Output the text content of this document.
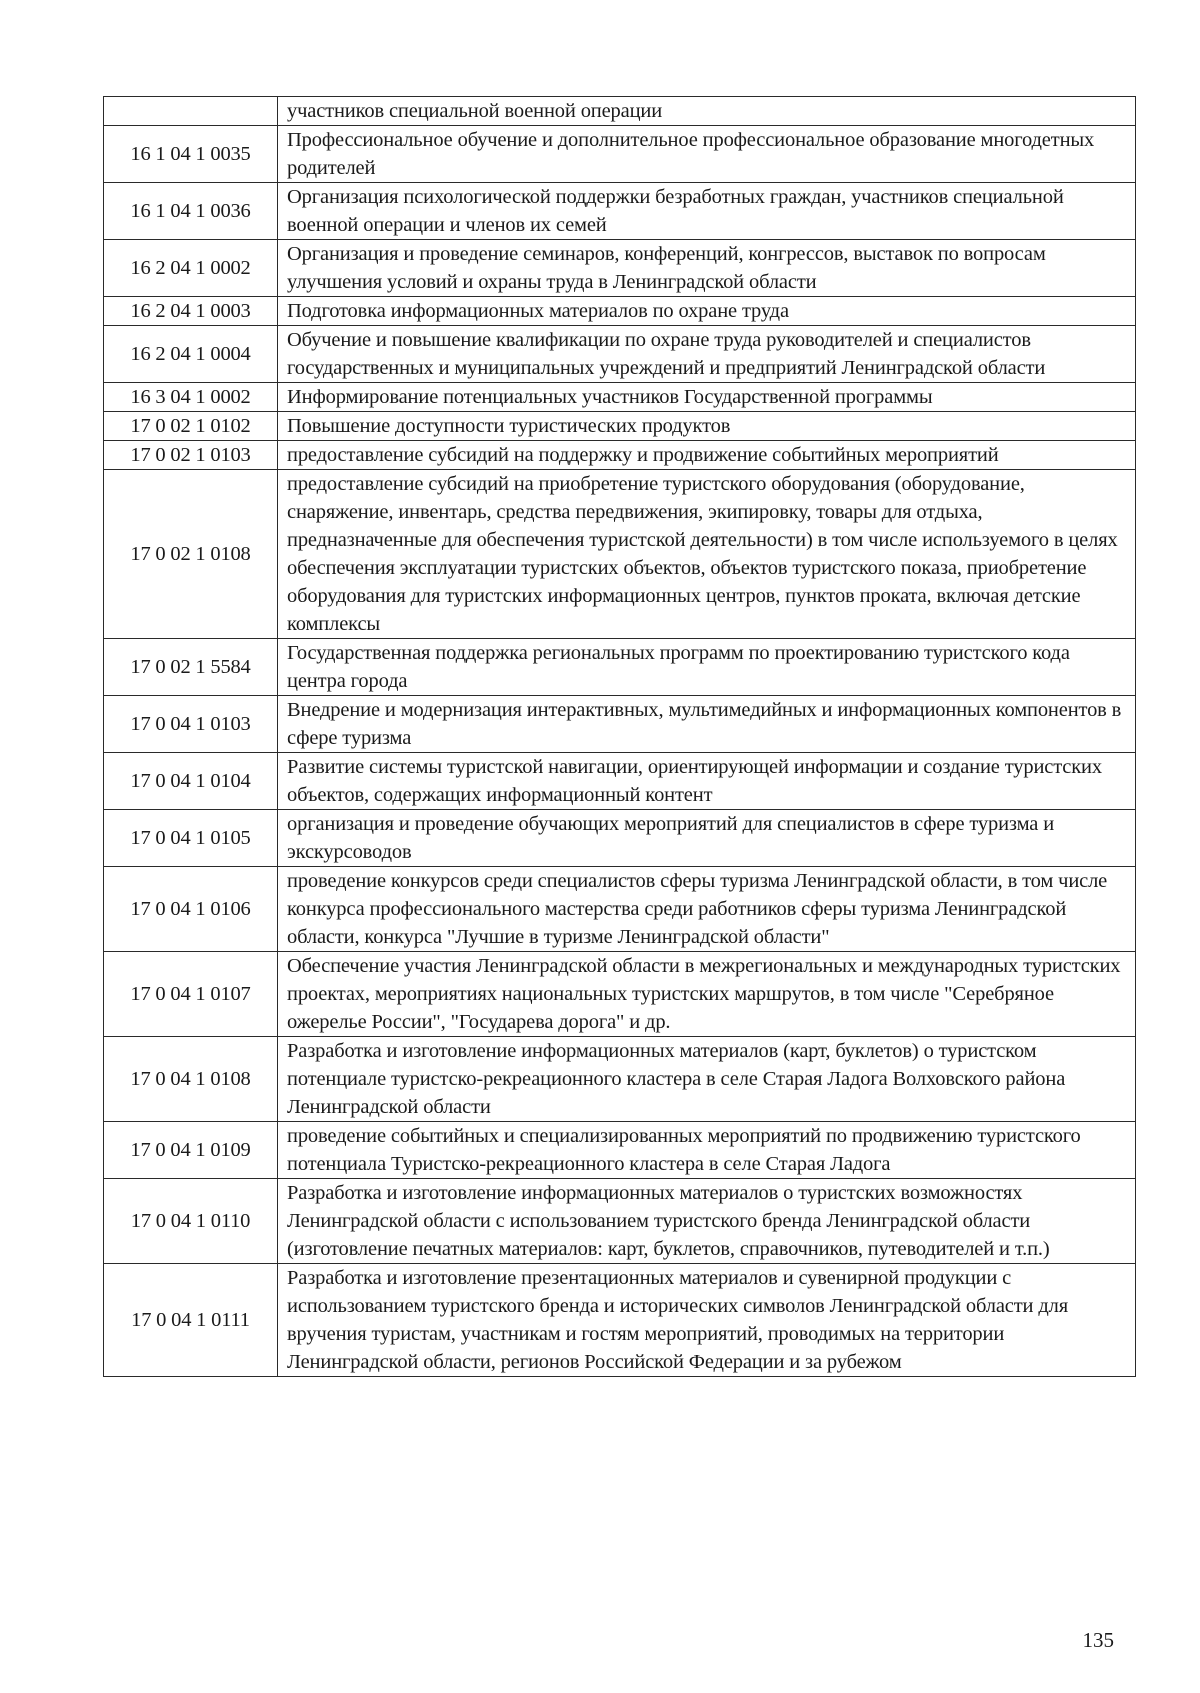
	участников специальной военной операции
16 1 04 1 0035	Профессиональное обучение и дополнительное профессиональное образование многодетных родителей
16 1 04 1 0036	Организация психологической поддержки безработных граждан, участников специальной военной операции и членов их семей
16 2 04 1 0002	Организация и проведение семинаров, конференций, конгрессов, выставок по вопросам улучшения условий и охраны труда в Ленинградской области
16 2 04 1 0003	Подготовка информационных материалов по охране труда
16 2 04 1 0004	Обучение и повышение квалификации по охране труда руководителей и специалистов государственных и муниципальных учреждений и предприятий Ленинградской области
16 3 04 1 0002	Информирование потенциальных участников Государственной программы
17 0 02 1 0102	Повышение доступности туристических продуктов
17 0 02 1 0103	предоставление субсидий на поддержку и продвижение событийных мероприятий
17 0 02 1 0108	предоставление субсидий на приобретение туристского оборудования (оборудование, снаряжение, инвентарь, средства передвижения, экипировку, товары для отдыха, предназначенные для обеспечения туристской деятельности) в том числе используемого в целях обеспечения эксплуатации туристских объектов, объектов туристского показа, приобретение оборудования для туристских информационных центров, пунктов проката, включая детские комплексы
17 0 02 1 5584	Государственная поддержка региональных программ по проектированию туристского кода центра города
17 0 04 1 0103	Внедрение и модернизация интерактивных, мультимедийных и информационных компонентов в сфере туризма
17 0 04 1 0104	Развитие системы туристской навигации, ориентирующей информации и создание туристских объектов, содержащих информационный контент
17 0 04 1 0105	организация и проведение обучающих мероприятий для специалистов в сфере туризма и экскурсоводов
17 0 04 1 0106	проведение конкурсов среди специалистов сферы туризма Ленинградской области, в том числе конкурса профессионального мастерства среди работников сферы туризма Ленинградской области, конкурса "Лучшие в туризме Ленинградской области"
17 0 04 1 0107	Обеспечение участия Ленинградской области в межрегиональных и международных туристских проектах, мероприятиях национальных туристских маршрутов, в том числе "Серебряное ожерелье России", "Государева дорога" и др.
17 0 04 1 0108	Разработка и изготовление информационных материалов (карт, буклетов) о туристском потенциале туристско-рекреационного кластера в селе Старая Ладога Волховского района Ленинградской области
17 0 04 1 0109	проведение событийных и специализированных мероприятий по продвижению туристского потенциала Туристско-рекреационного кластера в селе Старая Ладога
17 0 04 1 0110	Разработка и изготовление информационных материалов о туристских возможностях Ленинградской области с использованием туристского бренда Ленинградской области (изготовление печатных материалов: карт, буклетов, справочников, путеводителей и т.п.)
17 0 04 1 0111	Разработка и изготовление презентационных материалов и сувенирной продукции с использованием туристского бренда и исторических символов Ленинградской области для вручения туристам, участникам и гостям мероприятий, проводимых на территории Ленинградской области, регионов Российской Федерации и за рубежом
135
